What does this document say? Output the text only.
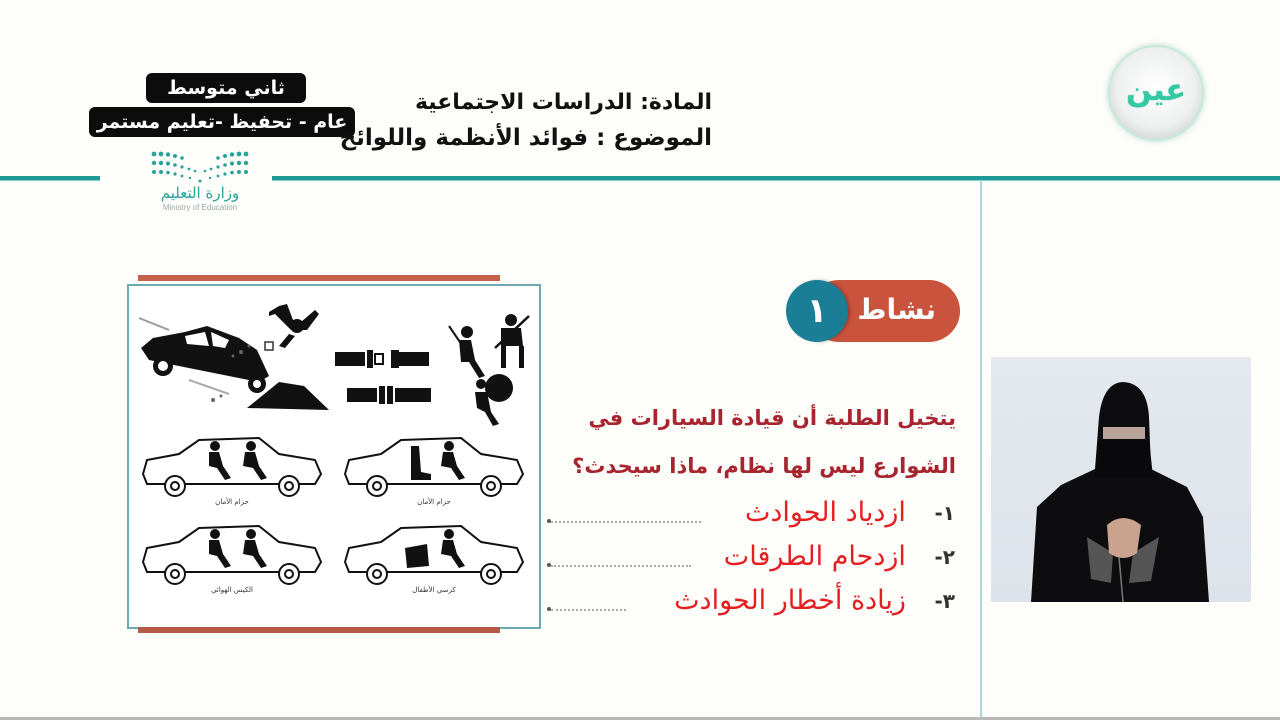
ثاني متوسط
عام - تحفيظ -تعليم مستمر
وزارة التعليم
Ministry of Education
المادة: الدراسات الاجتماعية
الموضوع : فوائد الأنظمة واللوائح
عين
حزام الأمان	حزام الأمان
الكيس الهوائي	كرسي الأطفال
نشاط
١
يتخيل الطلبة أن قيادة السيارات في الشوارع ليس لها نظام، ماذا سيحدث؟
١- ازدياد الحوادث
٢- ازدحام الطرقات
٣- زيادة أخطار الحوادث
